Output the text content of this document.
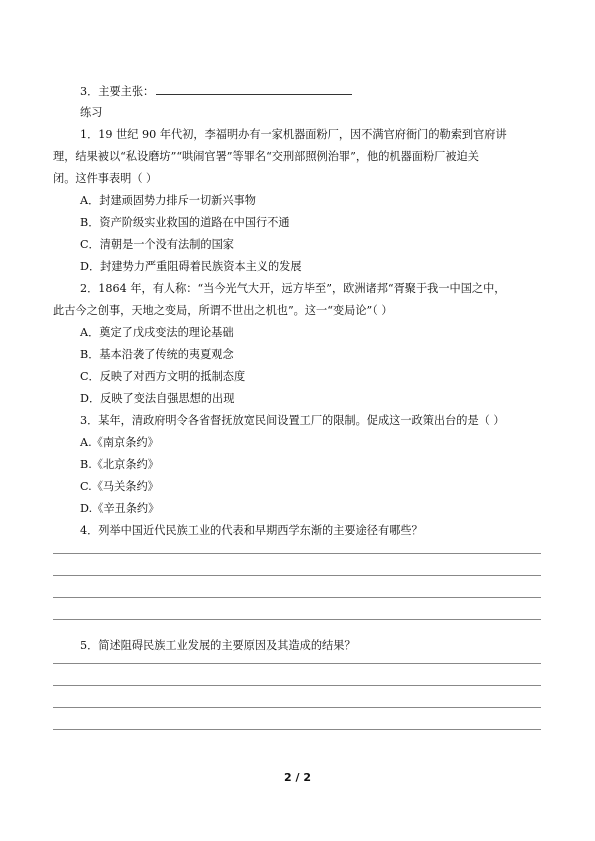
3．主要主张：
练习
1．19 世纪 90 年代初，李福明办有一家机器面粉厂，因不满官府衙门的勒索到官府讲
理，结果被以“私设磨坊”“哄闹官署”等罪名“交刑部照例治罪”，他的机器面粉厂被迫关
闭。这件事表明（ ）
A．封建顽固势力排斥一切新兴事物
B．资产阶级实业救国的道路在中国行不通
C．清朝是一个没有法制的国家
D．封建势力严重阻碍着民族资本主义的发展
2．1864 年，有人称：“当今光气大开，远方毕至”，欧洲诸邦“胥聚于我一中国之中，
此古今之创事，天地之变局，所谓不世出之机也”。这一“变局论”（ ）
A．奠定了戊戌变法的理论基础
B．基本沿袭了传统的夷夏观念
C．反映了对西方文明的抵制态度
D．反映了变法自强思想的出现
3．某年，清政府明令各省督抚放宽民间设置工厂的限制。促成这一政策出台的是（ ）
A.《南京条约》
B.《北京条约》
C.《马关条约》
D.《辛丑条约》
4．列举中国近代民族工业的代表和早期西学东渐的主要途径有哪些？
5．简述阻碍民族工业发展的主要原因及其造成的结果？
2 / 2
